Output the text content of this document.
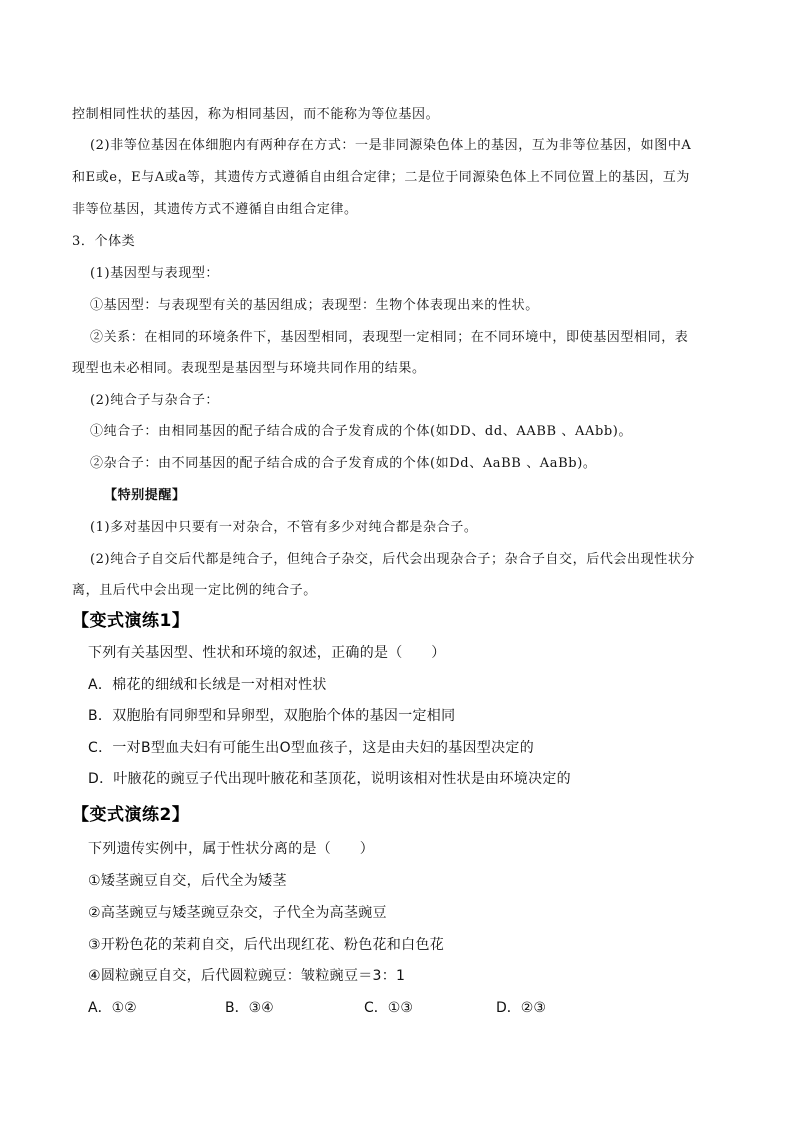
控制相同性状的基因，称为相同基因，而不能称为等位基因。
(2)非等位基因在体细胞内有两种存在方式：一是非同源染色体上的基因，互为非等位基因，如图中A
和E或e，E与A或a等，其遗传方式遵循自由组合定律；二是位于同源染色体上不同位置上的基因，互为
非等位基因，其遗传方式不遵循自由组合定律。
3．个体类
(1)基因型与表现型：
①基因型：与表现型有关的基因组成；表现型：生物个体表现出来的性状。
②关系：在相同的环境条件下，基因型相同，表现型一定相同；在不同环境中，即使基因型相同，表
现型也未必相同。表现型是基因型与环境共同作用的结果。
(2)纯合子与杂合子：
①纯合子：由相同基因的配子结合成的合子发育成的个体(如DD、dd、AABB 、AAbb)。
②杂合子：由不同基因的配子结合成的合子发育成的个体(如Dd、AaBB 、AaBb)。
【特别提醒】
(1)多对基因中只要有一对杂合，不管有多少对纯合都是杂合子。
(2)纯合子自交后代都是纯合子，但纯合子杂交，后代会出现杂合子；杂合子自交，后代会出现性状分
离，且后代中会出现一定比例的纯合子。
【变式演练1】
下列有关基因型、性状和环境的叙述，正确的是（　　）
A．棉花的细绒和长绒是一对相对性状
B．双胞胎有同卵型和异卵型，双胞胎个体的基因一定相同
C．一对B型血夫妇有可能生出O型血孩子，这是由夫妇的基因型决定的
D．叶腋花的豌豆子代出现叶腋花和茎顶花，说明该相对性状是由环境决定的
【变式演练2】
下列遗传实例中，属于性状分离的是（　　）
①矮茎豌豆自交，后代全为矮茎
②高茎豌豆与矮茎豌豆杂交，子代全为高茎豌豆
③开粉色花的茉莉自交，后代出现红花、粉色花和白色花
④圆粒豌豆自交，后代圆粒豌豆：皱粒豌豆＝3：1
A．①②	B．③④	C．①③	D．②③
